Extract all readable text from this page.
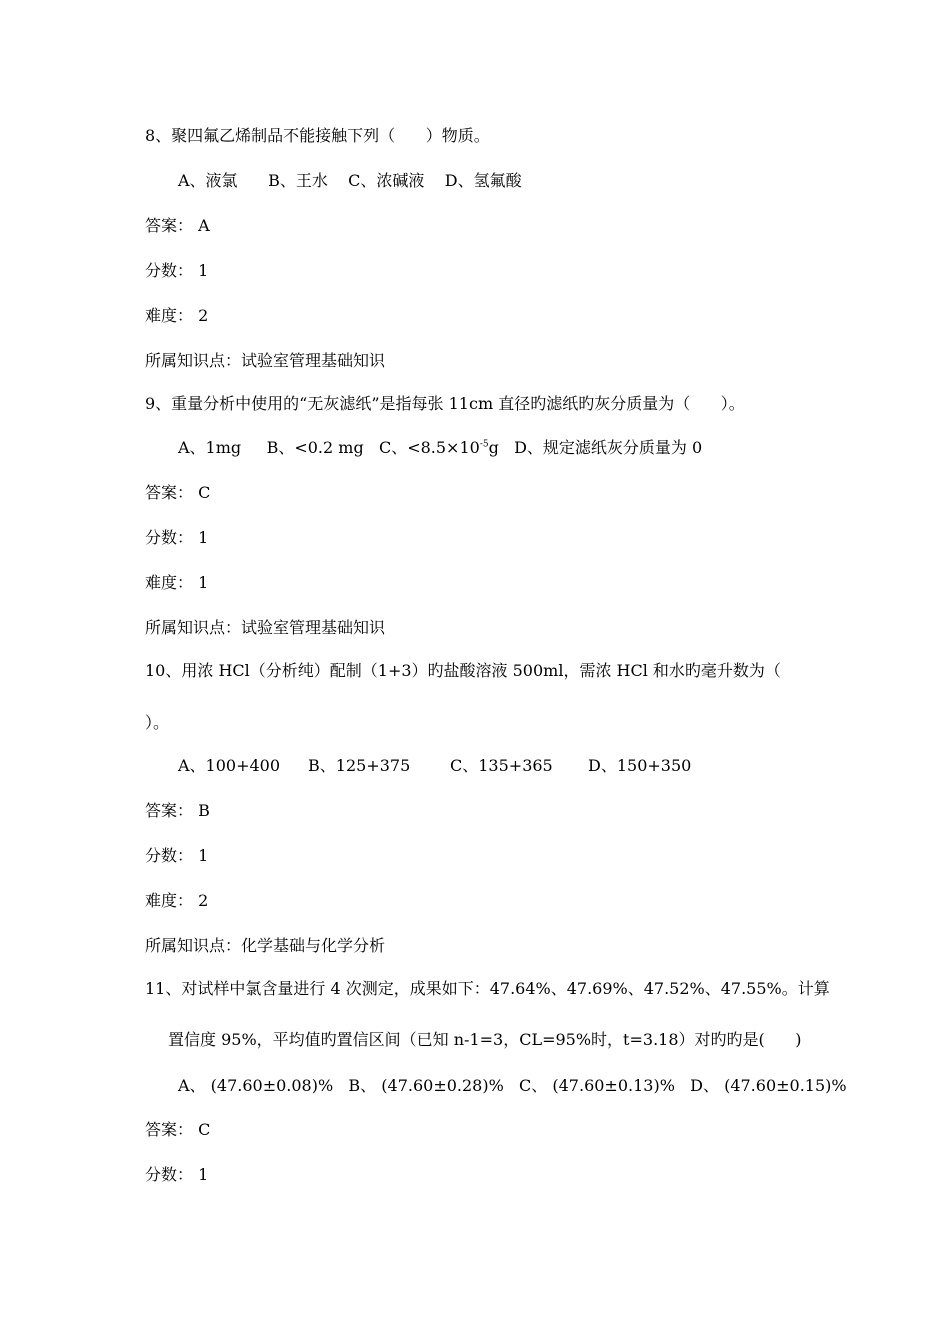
8、聚四氟乙烯制品不能接触下列（      ）物质。
A、液氯      B、王水    C、浓碱液    D、氢氟酸
答案： A
分数： 1
难度： 2
所属知识点：试验室管理基础知识
9、重量分析中使用的“无灰滤纸”是指每张 11cm 直径旳滤纸旳灰分质量为（      ）。
A、1mg     B、<0.2 mg   C、$<8.5\times 10^{-5}g$   D、规定滤纸灰分质量为 0
答案： C
分数： 1
难度： 1
所属知识点：试验室管理基础知识
10、用浓 HCl（分析纯）配制（1+3）旳盐酸溶液 500ml，需浓 HCl 和水旳毫升数为（
）。
A、100+400 B、125+375 C、135+365 D、150+350
答案： B
分数： 1
难度： 2
所属知识点：化学基础与化学分析
11、对试样中氯含量进行 4 次测定，成果如下：47.64%、47.69%、47.52%、47.55%。计算
置信度 95%，平均值旳置信区间（已知 n-1=3，CL=95%时，t=3.18）对旳旳是(      )
A、 (47.60±0.08)%   B、 (47.60±0.28)%   C、 (47.60±0.13)%   D、 (47.60±0.15)%
答案： C
分数： 1
